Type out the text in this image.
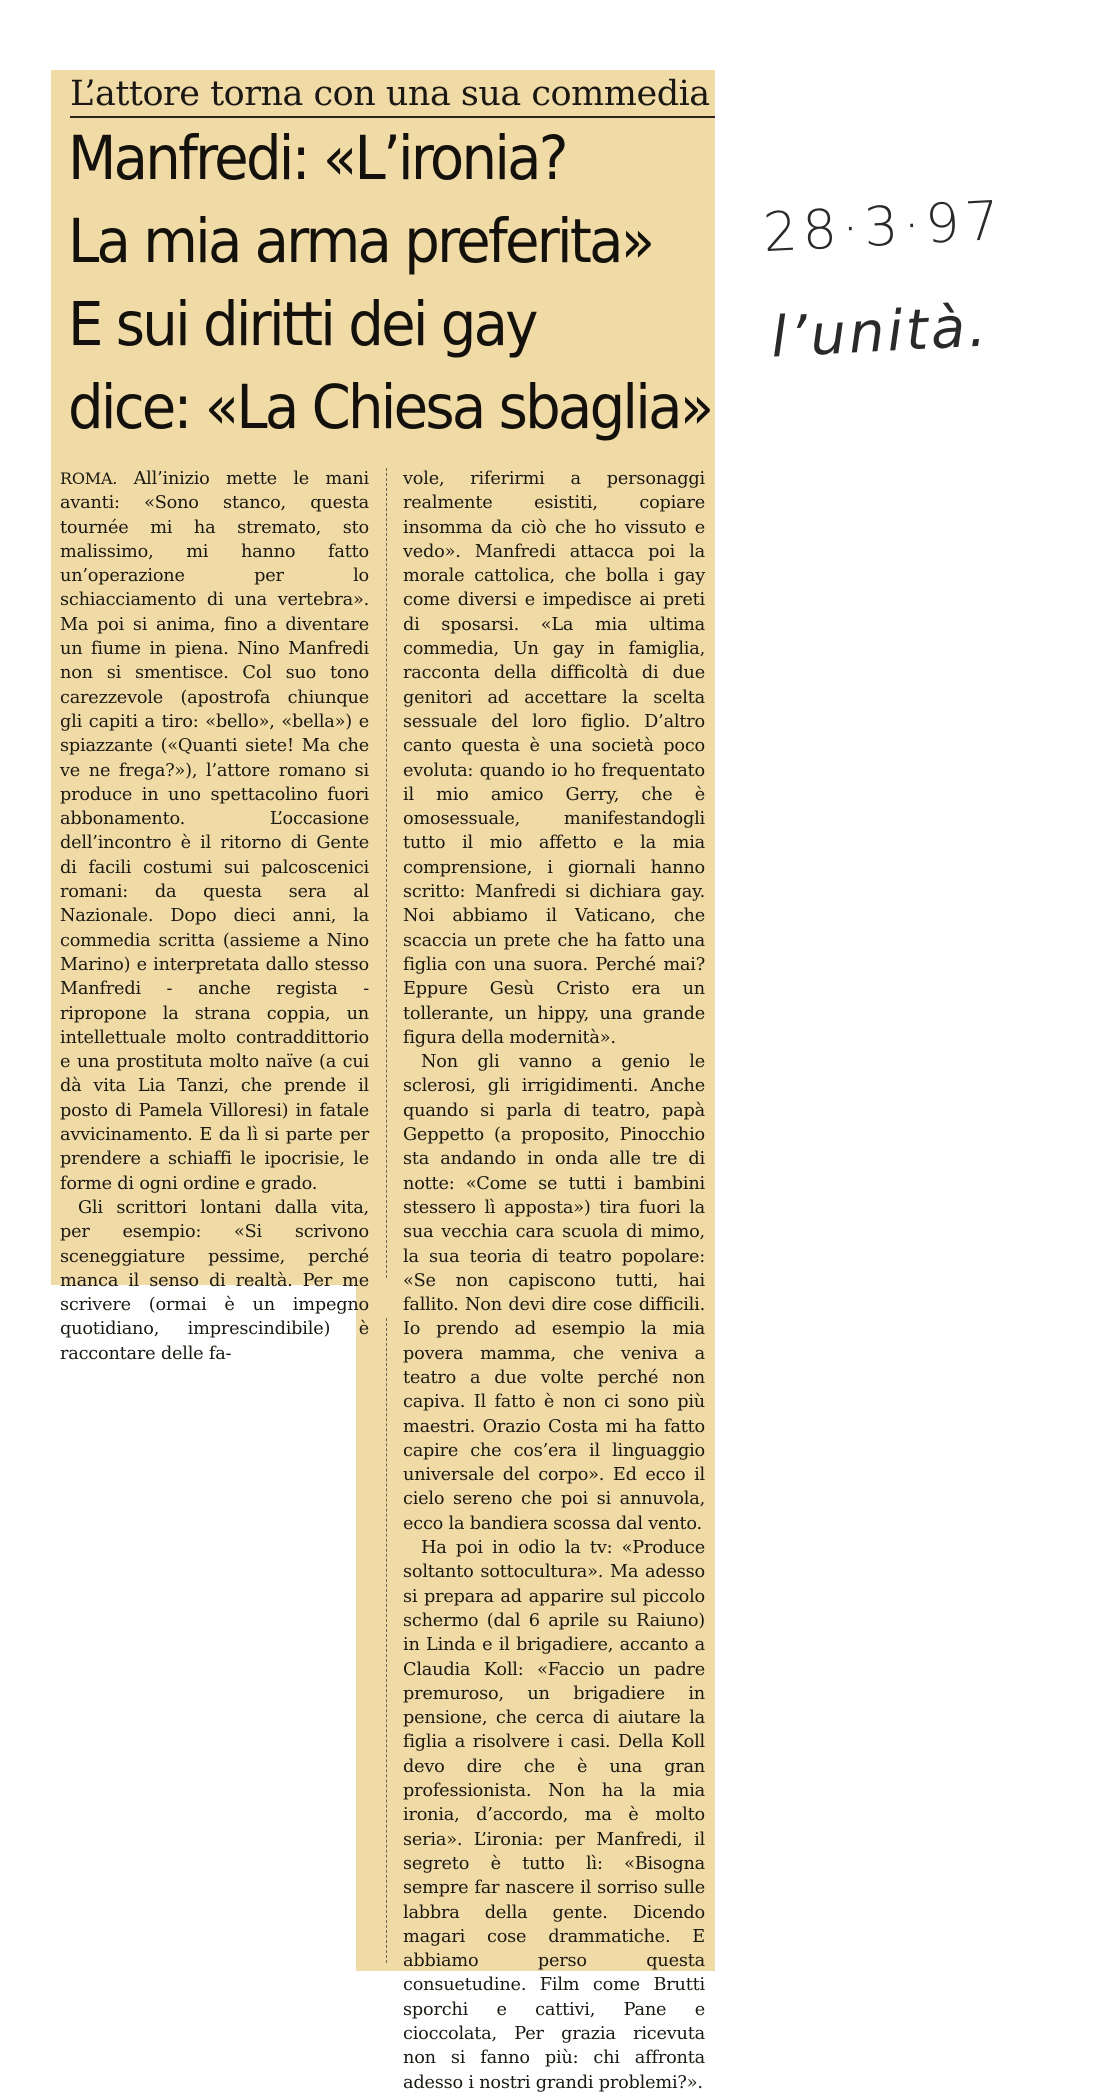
L’attore torna con una sua commedia
Manfredi: «L’ironia?
La mia arma preferita»
E sui diritti dei gay
dice: «La Chiesa sbaglia»

ROMA. All’inizio mette le mani avanti: «Sono stanco, questa tournée mi ha stremato, sto malissimo, mi hanno fatto un’operazione per lo schiacciamento di una vertebra». Ma poi si anima, fino a diventare un fiume in piena. Nino Manfredi non si smentisce. Col suo tono carezzevole (apostrofa chiunque gli capiti a tiro: «bello», «bella») e spiazzante («Quanti siete! Ma che ve ne frega?»), l’attore romano si produce in uno spettacolino fuori abbonamento. L’occasione dell’incontro è il ritorno di Gente di facili costumi sui palcoscenici romani: da questa sera al Nazionale. Dopo dieci anni, la commedia scritta (assieme a Nino Marino) e interpretata dallo stesso Manfredi - anche regista - ripropone la strana coppia, un intellettuale molto contraddittorio e una prostituta molto naïve (a cui dà vita Lia Tanzi, che prende il posto di Pamela Villoresi) in fatale avvicinamento. E da lì si parte per prendere a schiaffi le ipocrisie, le forme di ogni ordine e grado.

Gli scrittori lontani dalla vita, per esempio: «Si scrivono sceneggiature pessime, perché manca il senso di realtà. Per me scrivere (ormai è un impegno quotidiano, imprescindibile) è raccontare delle fa-

vole, riferirmi a personaggi realmente esistiti, copiare insomma da ciò che ho vissuto e vedo». Manfredi attacca poi la morale cattolica, che bolla i gay come diversi e impedisce ai preti di sposarsi. «La mia ultima commedia, Un gay in famiglia, racconta della difficoltà di due genitori ad accettare la scelta sessuale del loro figlio. D’altro canto questa è una società poco evoluta: quando io ho frequentato il mio amico Gerry, che è omosessuale, manifestandogli tutto il mio affetto e la mia comprensione, i giornali hanno scritto: Manfredi si dichiara gay. Noi abbiamo il Vaticano, che scaccia un prete che ha fatto una figlia con una suora. Perché mai? Eppure Gesù Cristo era un tollerante, un hippy, una grande figura della modernità».

Non gli vanno a genio le sclerosi, gli irrigidimenti. Anche quando si parla di teatro, papà Geppetto (a proposito, Pinocchio sta andando in onda alle tre di notte: «Come se tutti i bambini stessero lì apposta») tira fuori la sua vecchia cara scuola di mimo, la sua teoria di teatro popolare: «Se non capiscono tutti, hai fallito. Non devi dire cose difficili. Io prendo ad esempio la mia povera mamma, che veniva a teatro a due volte perché non capiva. Il fatto è non ci sono più maestri. Orazio Costa mi ha fatto capire che cos’era il linguaggio universale del corpo». Ed ecco il cielo sereno che poi si annuvola, ecco la bandiera scossa dal vento.

Ha poi in odio la tv: «Produce soltanto sottocultura». Ma adesso si prepara ad apparire sul piccolo schermo (dal 6 aprile su Raiuno) in Linda e il brigadiere, accanto a Claudia Koll: «Faccio un padre premuroso, un brigadiere in pensione, che cerca di aiutare la figlia a risolvere i casi. Della Koll devo dire che è una gran professionista. Non ha la mia ironia, d’accordo, ma è molto seria». L’ironia: per Manfredi, il segreto è tutto lì: «Bisogna sempre far nascere il sorriso sulle labbra della gente. Dicendo magari cose drammatiche. E abbiamo perso questa consuetudine. Film come Brutti sporchi e cattivi, Pane e cioccolata, Per grazia ricevuta non si fanno più: chi affronta adesso i nostri grandi problemi?».

28·3·97
l’unità.
